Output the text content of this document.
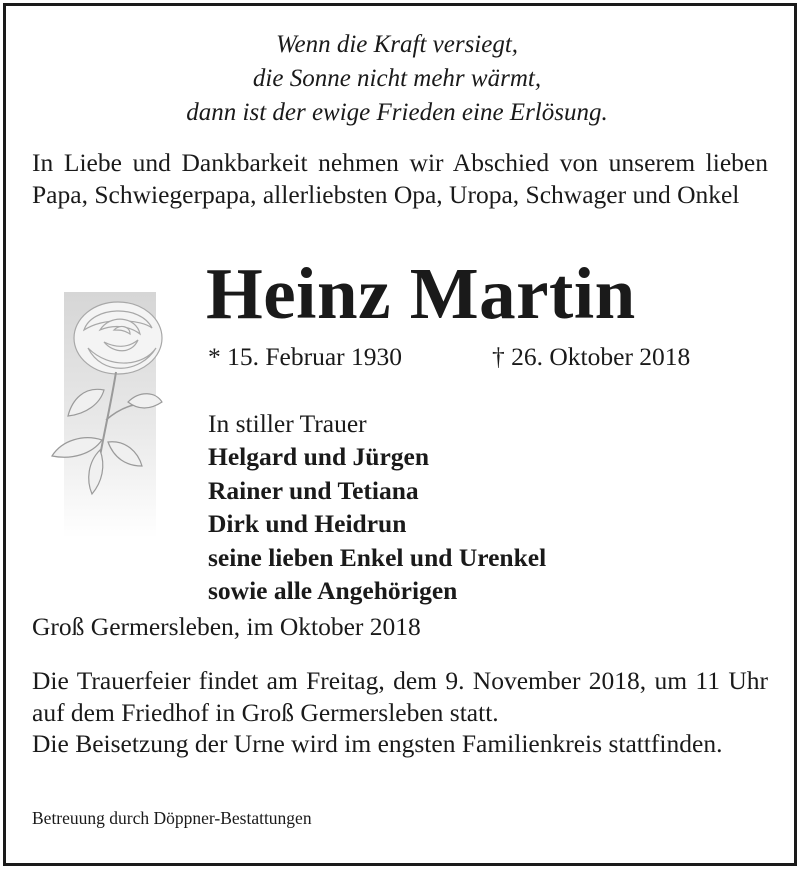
Wenn die Kraft versiegt,
die Sonne nicht mehr wärmt,
dann ist der ewige Frieden eine Erlösung.
In Liebe und Dankbarkeit nehmen wir Abschied von unserem lieben Papa, Schwiegerpapa, allerliebsten Opa, Uropa, Schwager und Onkel
Heinz Martin
* 15. Februar 1930	† 26. Oktober 2018
In stiller Trauer
Helgard und Jürgen
Rainer und Tetiana
Dirk und Heidrun
seine lieben Enkel und Urenkel
sowie alle Angehörigen
Groß Germersleben, im Oktober 2018

Die Trauerfeier findet am Freitag, dem 9. November 2018, um 11 Uhr auf dem Friedhof in Groß Germersleben statt.

Die Beisetzung der Urne wird im engsten Familienkreis stattfinden.

Betreuung durch Döppner-Bestattungen
